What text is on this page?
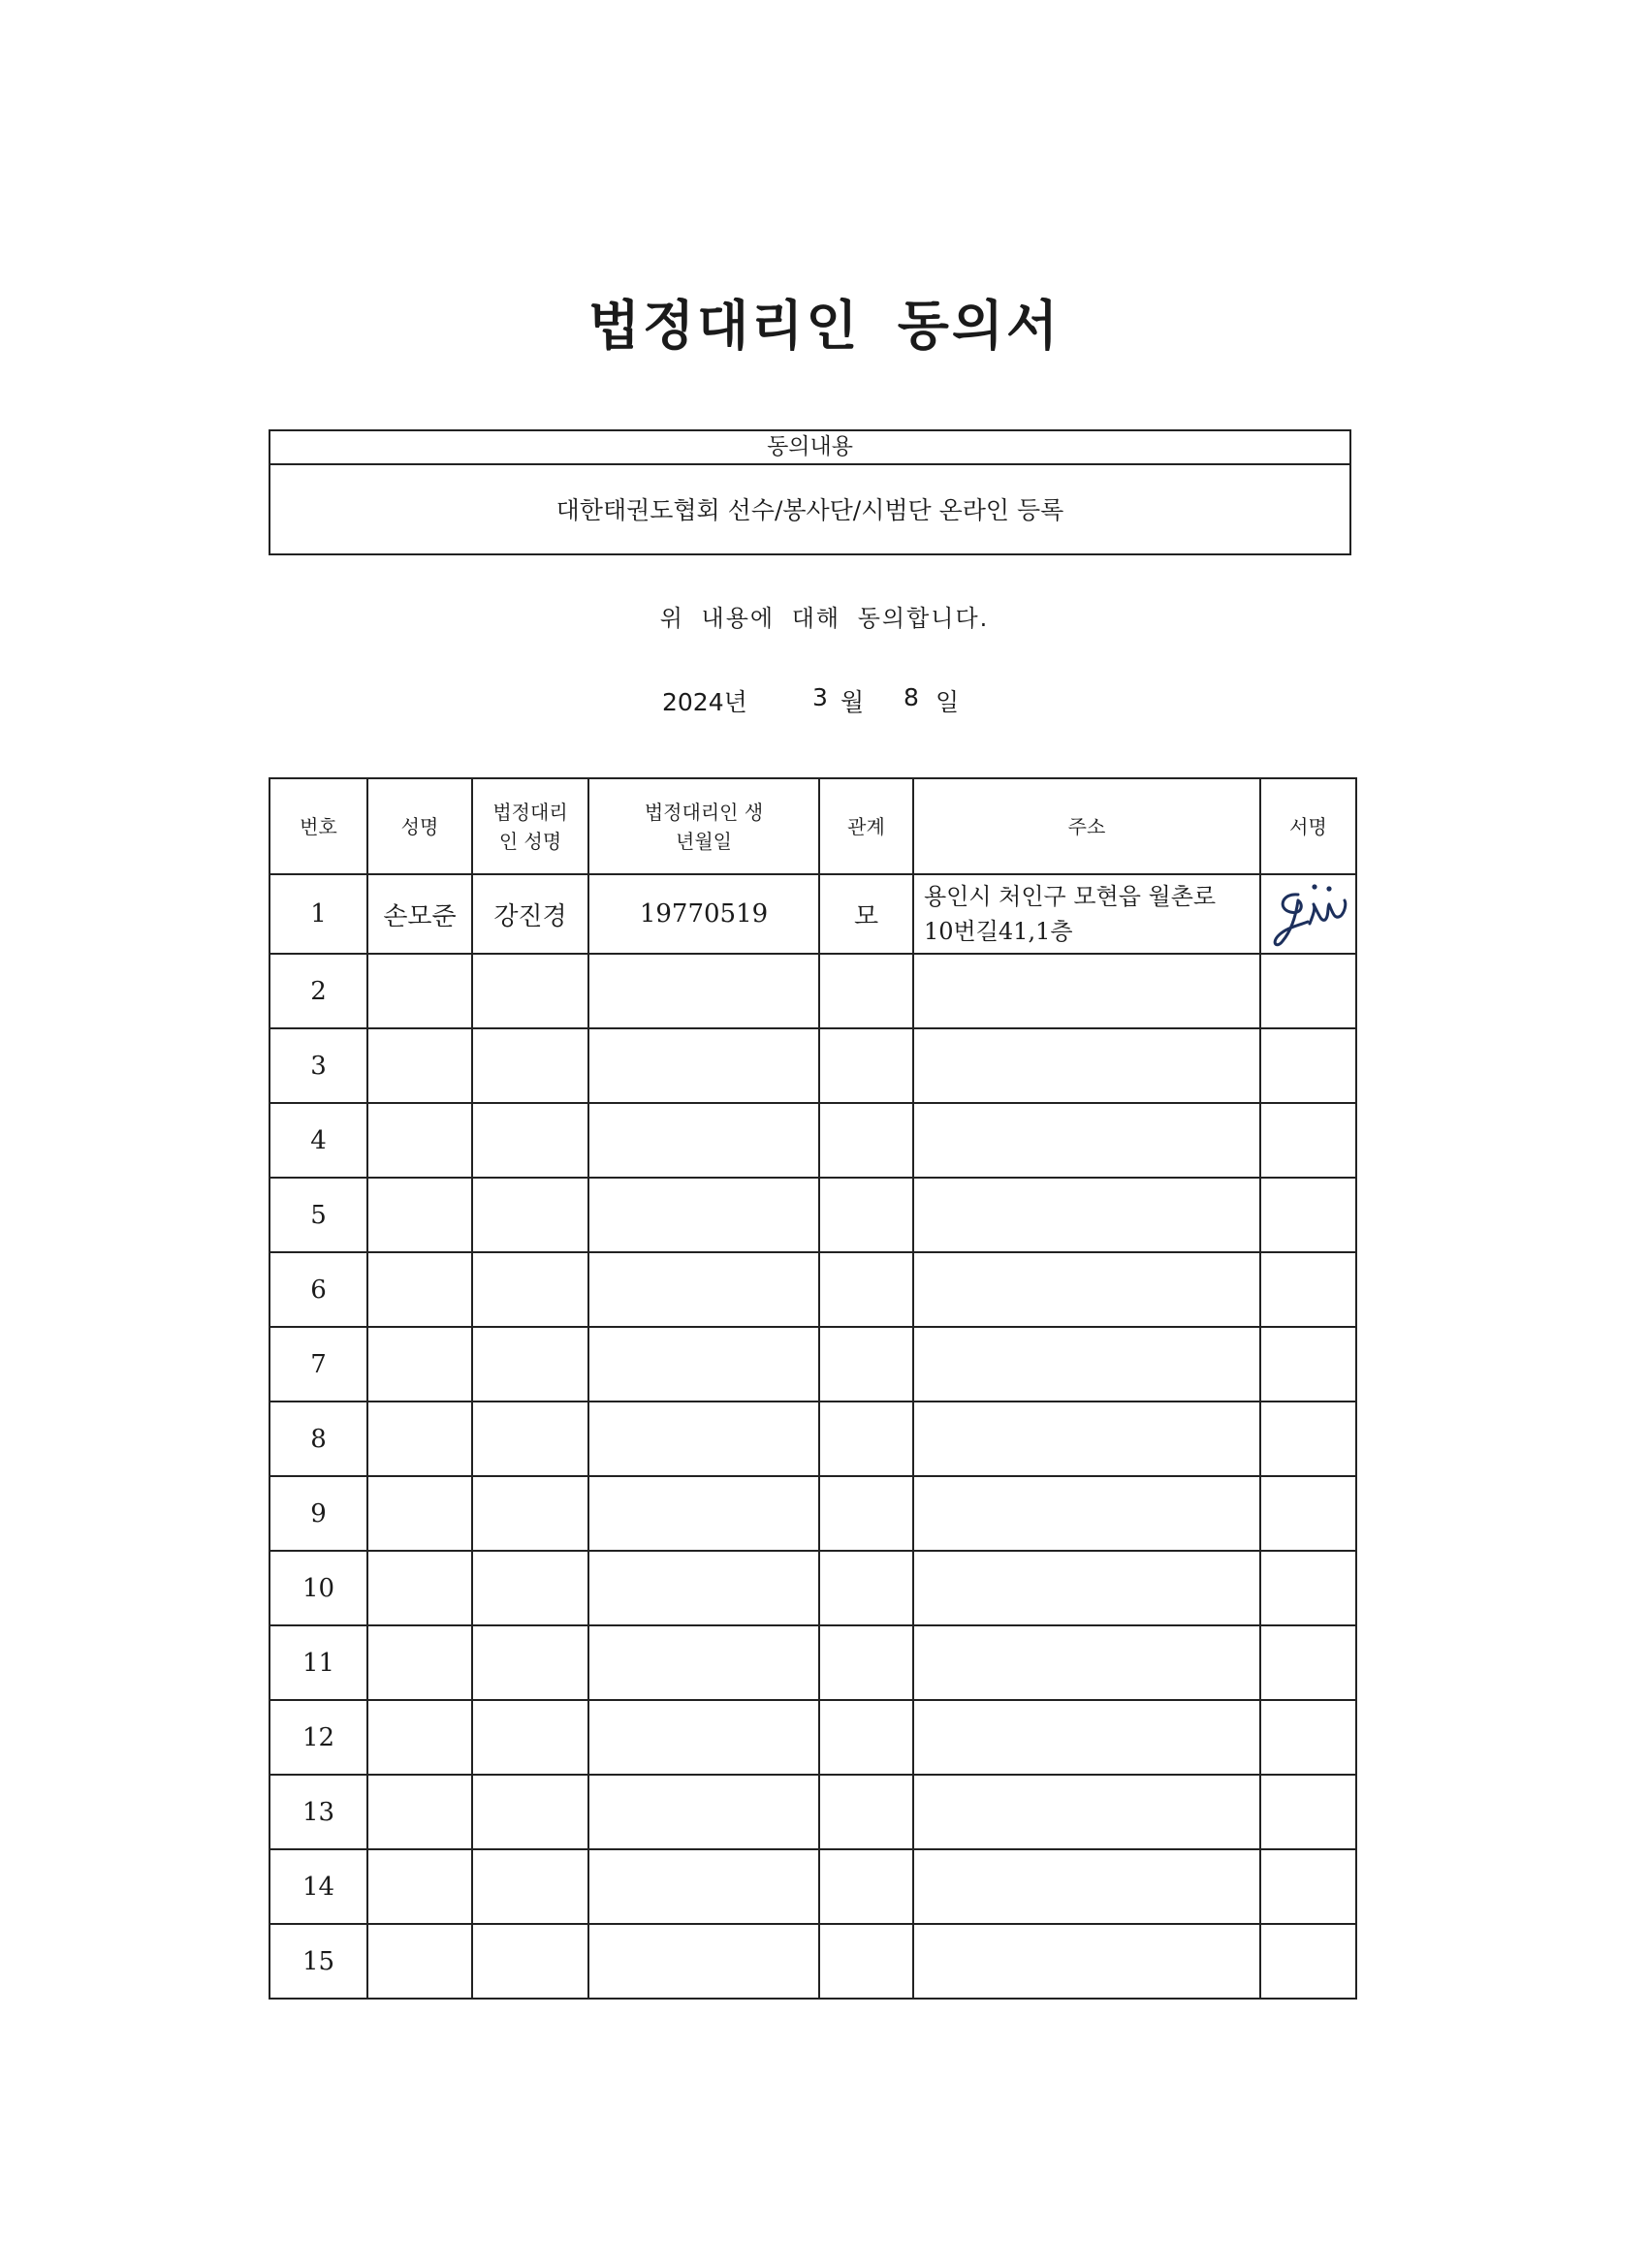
법정대리인 동의서
동의내용
대한태권도협회 선수/봉사단/시범단 온라인 등록
위 내용에 대해 동의합니다.
2024년	3 월 8 일
번호	성명	법정대리인 성명	법정대리인 생년월일	관계	주소	서명
1	손모준	강진경	19770519	모	용인시 처인구 모현읍 월촌로 10번길41,1층	

2						
3						
4						
5						
6						
7						
8						
9						
10						
11						
12						
13						
14						
15						
